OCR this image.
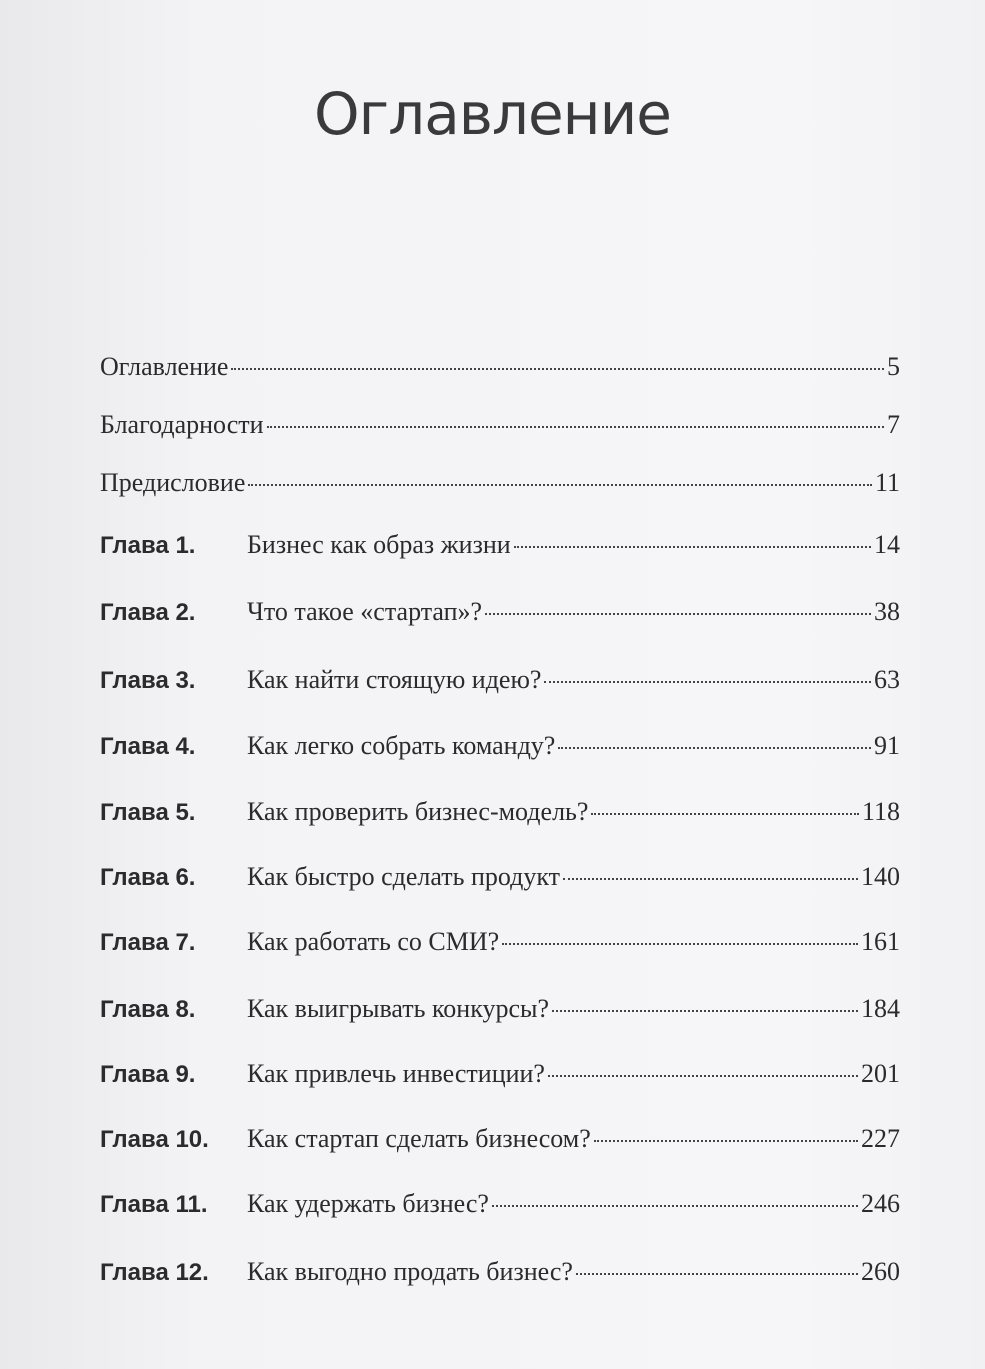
Оглавление
Оглавление	5
Благодарности	7
Предисловие	11
Глава 1.	Бизнес как образ жизни	14
Глава 2.	Что такое «стартап»?	38
Глава 3.	Как найти стоящую идею?	63
Глава 4.	Как легко собрать команду?	91
Глава 5.	Как проверить бизнес-модель?	118
Глава 6.	Как быстро сделать продукт	140
Глава 7.	Как работать со СМИ?	161
Глава 8.	Как выигрывать конкурсы?	184
Глава 9.	Как привлечь инвестиции?	201
Глава 10.	Как стартап сделать бизнесом?	227
Глава 11.	Как удержать бизнес?	246
Глава 12.	Как выгодно продать бизнес?	260
